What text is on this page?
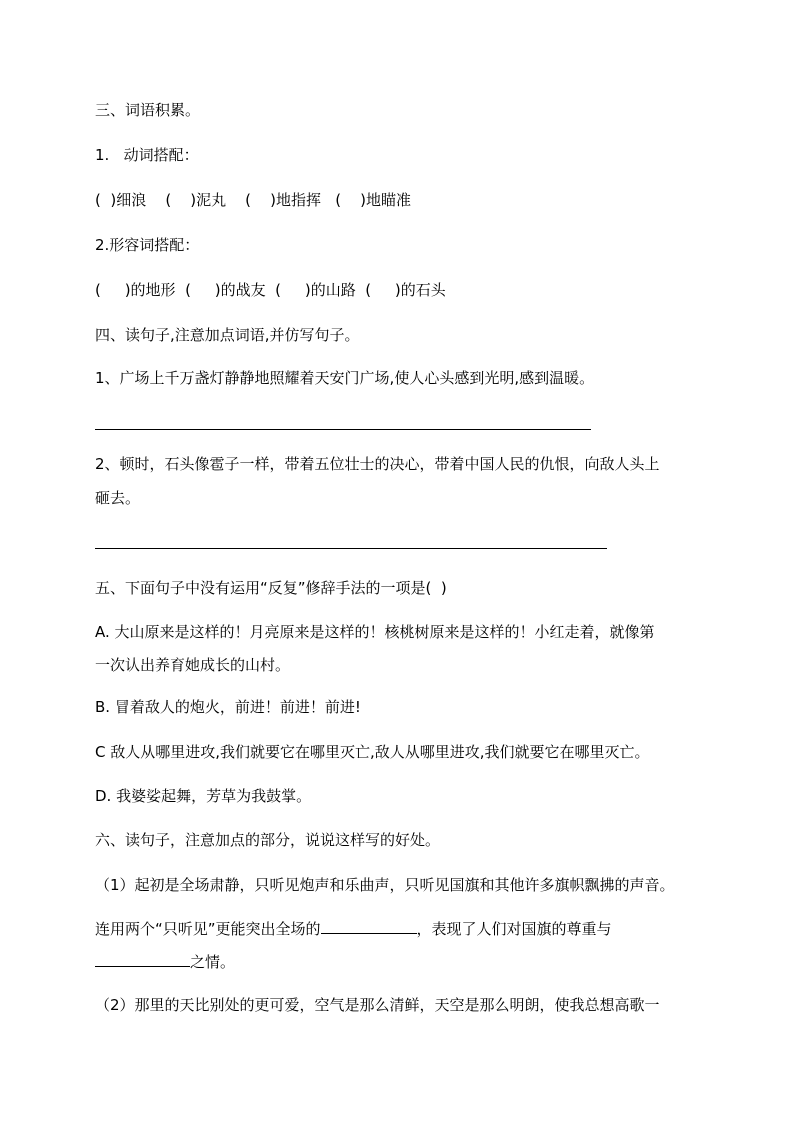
三、词语积累。
1.   动词搭配：
(  )细浪    (    )泥丸    (    )地指挥   (    )地瞄准
2.形容词搭配：
(     )的地形  (     )的战友  (     )的山路  (     )的石头
四、读句子,注意加点词语,并仿写句子。
1、广场上千万盏灯静静地照耀着天安门广场,使人心头感到光明,感到温暖。
2、顿时，石头像雹子一样，带着五位壮士的决心，带着中国人民的仇恨，向敌人头上
砸去。
五、下面句子中没有运用“反复”修辞手法的一项是(  )
A. 大山原来是这样的！月亮原来是这样的！核桃树原来是这样的！小红走着，就像第
一次认出养育她成长的山村。
B. 冒着敌人的炮火，前进！前进！前进!
C 敌人从哪里进攻,我们就要它在哪里灭亡,敌人从哪里进攻,我们就要它在哪里灭亡。
D. 我婆娑起舞，芳草为我鼓掌。
六、读句子，注意加点的部分，说说这样写的好处。
（1）起初是全场肃静，只听见炮声和乐曲声，只听见国旗和其他许多旗帜飘拂的声音。
连用两个“只听见”更能突出全场的	，表现了人们对国旗的尊重与
之情。
（2）那里的天比别处的更可爱，空气是那么清鲜，天空是那么明朗，使我总想高歌一
